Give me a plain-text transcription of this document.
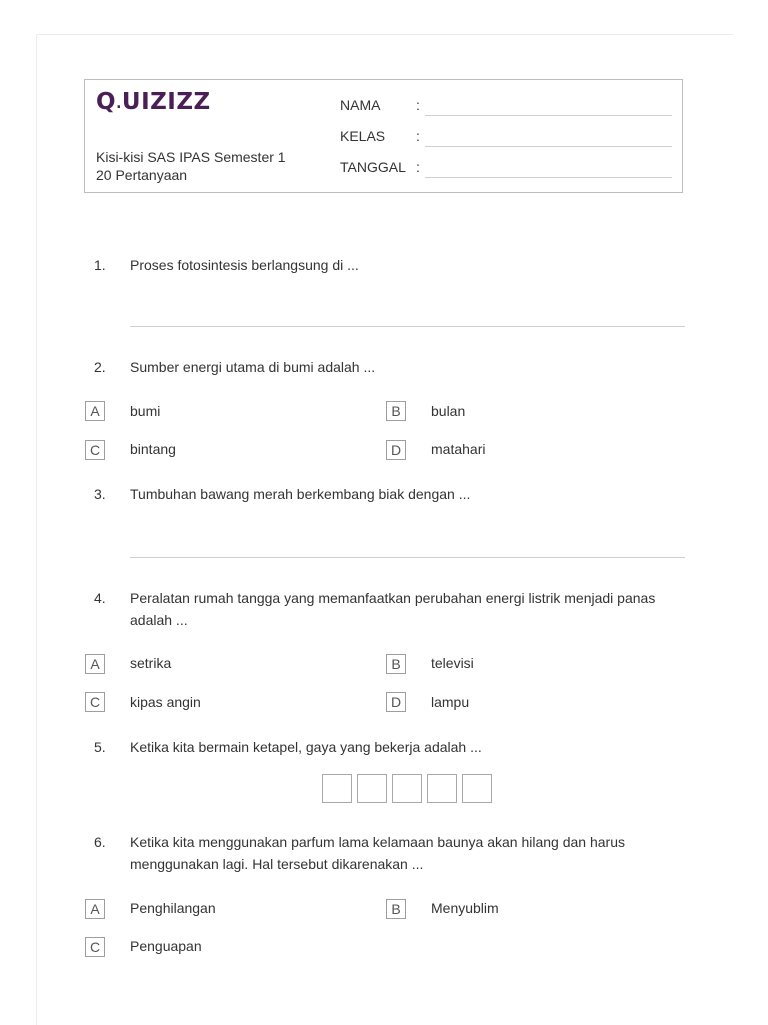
Q.UIZIZZ
Kisi-kisi SAS IPAS Semester 1
20 Pertanyaan
NAMA	:
KELAS :
TANGGAL :
1. Proses fotosintesis berlangsung di ...
2. Sumber energi utama di bumi adalah ...
A	bumi	B	bulan
C	bintang	D	matahari
3. Tumbuhan bawang merah berkembang biak dengan ...
4. Peralatan rumah tangga yang memanfaatkan perubahan energi listrik menjadi panas adalah ...
A	setrika	B	televisi
C	kipas angin	D	lampu
5. Ketika kita bermain ketapel, gaya yang bekerja adalah ...
6. Ketika kita menggunakan parfum lama kelamaan baunya akan hilang dan harus menggunakan lagi. Hal tersebut dikarenakan ...
A	Penghilangan	B	Menyublim
C	Penguapan
